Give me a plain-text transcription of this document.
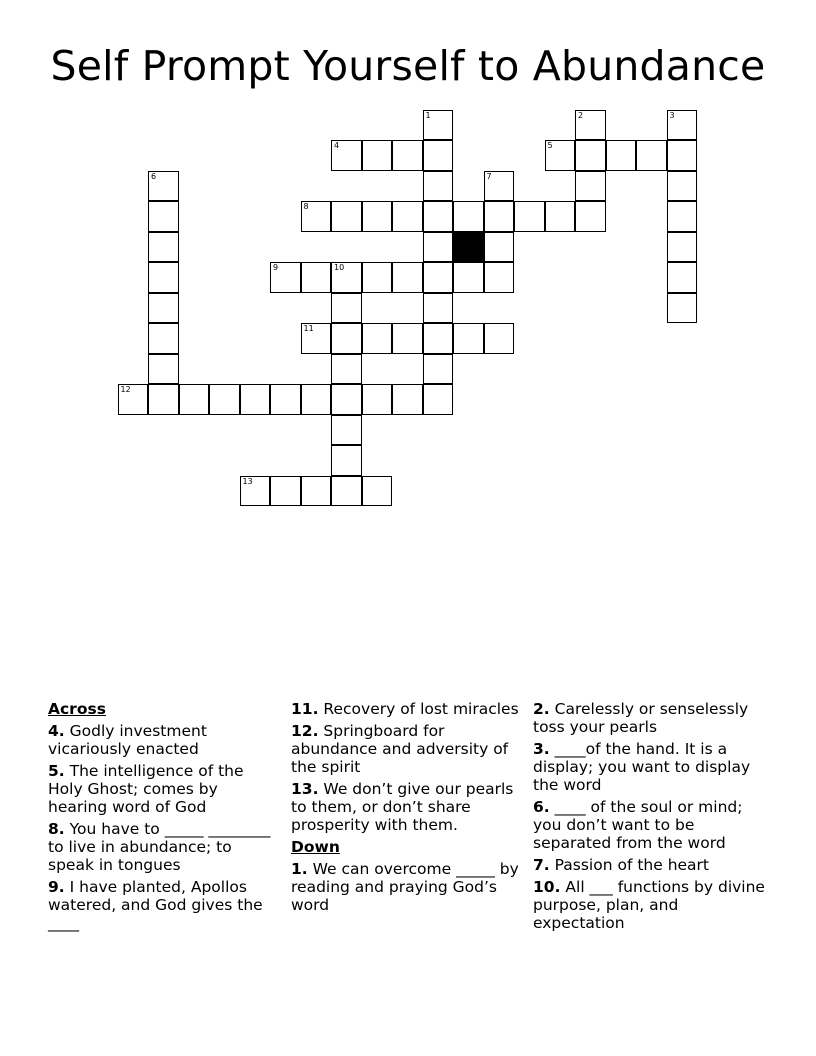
Self Prompt Yourself to Abundance
1	2	3
4	5
6	7
8
9	10
11
12
13
Across
4. Godly investment vicariously enacted
5. The intelligence of the Holy Ghost; comes by hearing word of God
8. You have to _____ ________ to live in abundance; to speak in tongues
9. I have planted, Apollos watered, and God gives the ____
11. Recovery of lost miracles
12. Springboard for abundance and adversity of the spirit
13. We don’t give our pearls to them, or don’t share prosperity with them.
Down
1. We can overcome _____ by reading and praying God’s word
2. Carelessly or senselessly toss your pearls
3. ____of the hand. It is a display; you want to display the word
6. ____ of the soul or mind; you don’t want to be separated from the word
7. Passion of the heart
10. All ___ functions by divine purpose, plan, and expectation
